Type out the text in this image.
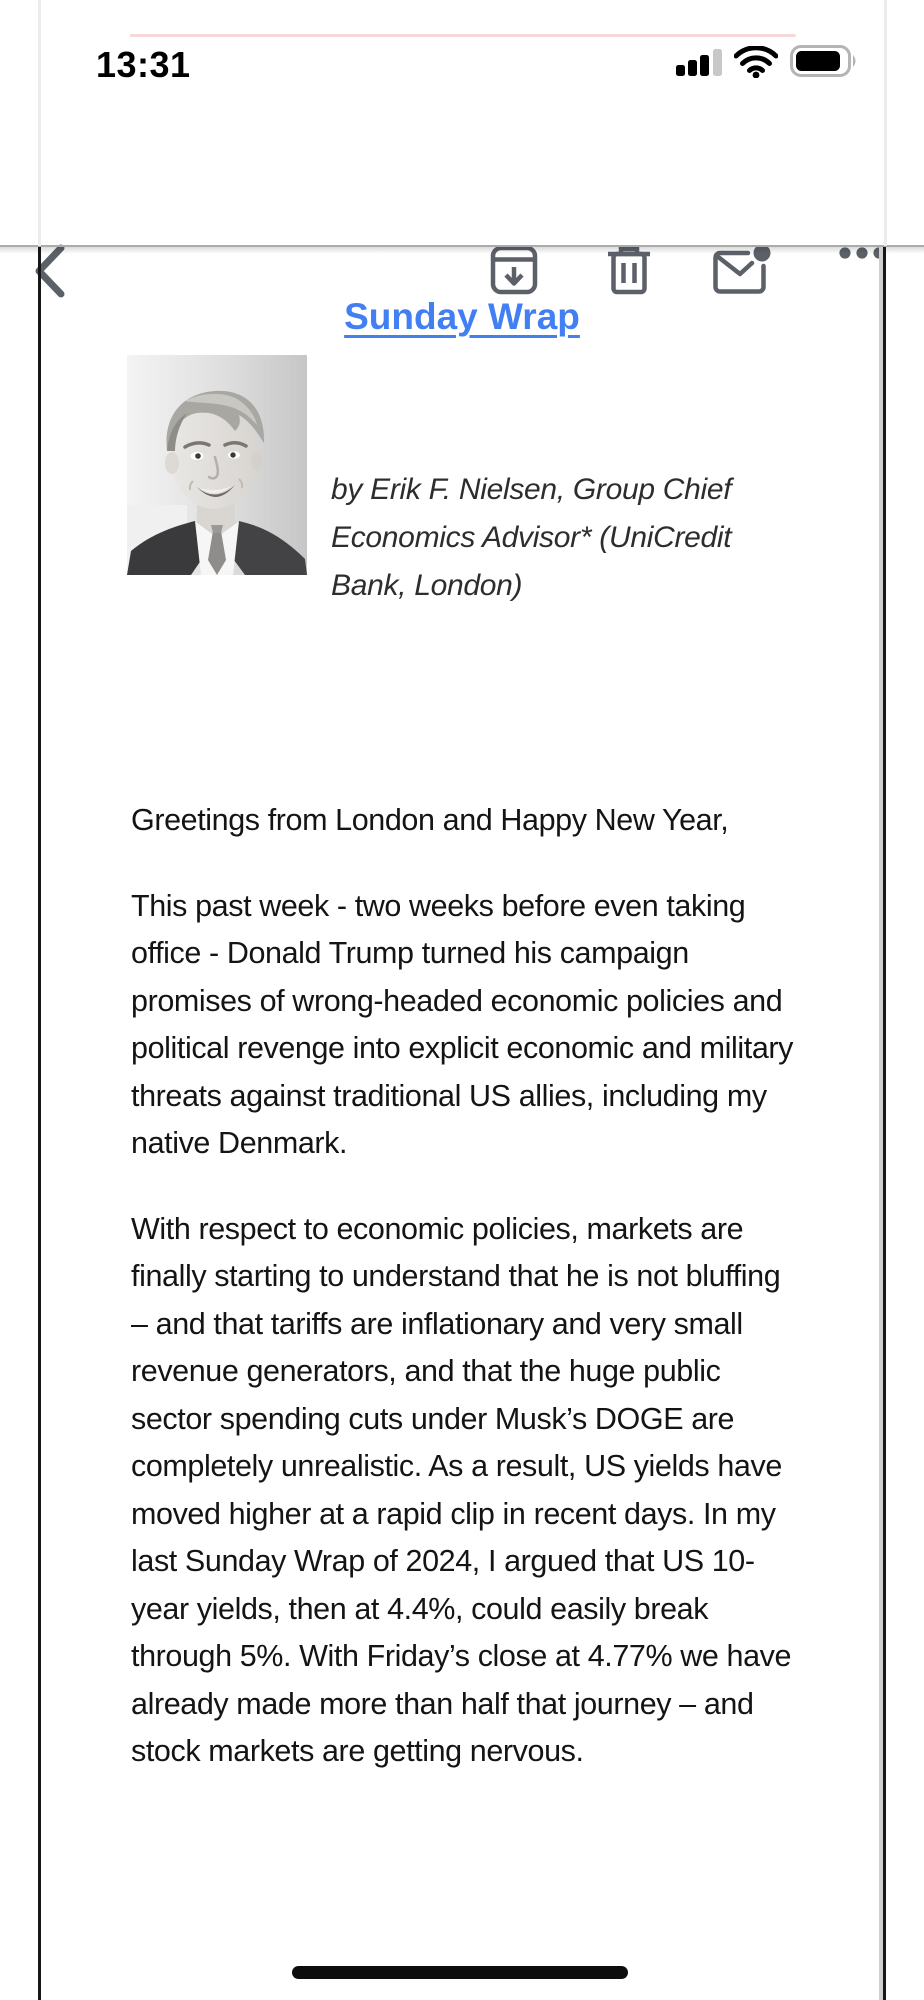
13:31
Sunday Wrap
by Erik F. Nielsen, Group Chief Economics Advisor* (UniCredit Bank, London)

Greetings from London and Happy New Year,

This past week - two weeks before even taking office - Donald Trump turned his campaign promises of wrong-headed economic policies and political revenge into explicit economic and military threats against traditional US allies, including my native Denmark.

With respect to economic policies, markets are finally starting to understand that he is not bluffing – and that tariffs are inflationary and very small revenue generators, and that the huge public sector spending cuts under Musk’s DOGE are completely unrealistic. As a result, US yields have moved higher at a rapid clip in recent days. In my last Sunday Wrap of 2024, I argued that US 10-year yields, then at 4.4%, could easily break through 5%. With Friday’s close at 4.77% we have already made more than half that journey – and stock markets are getting nervous.
